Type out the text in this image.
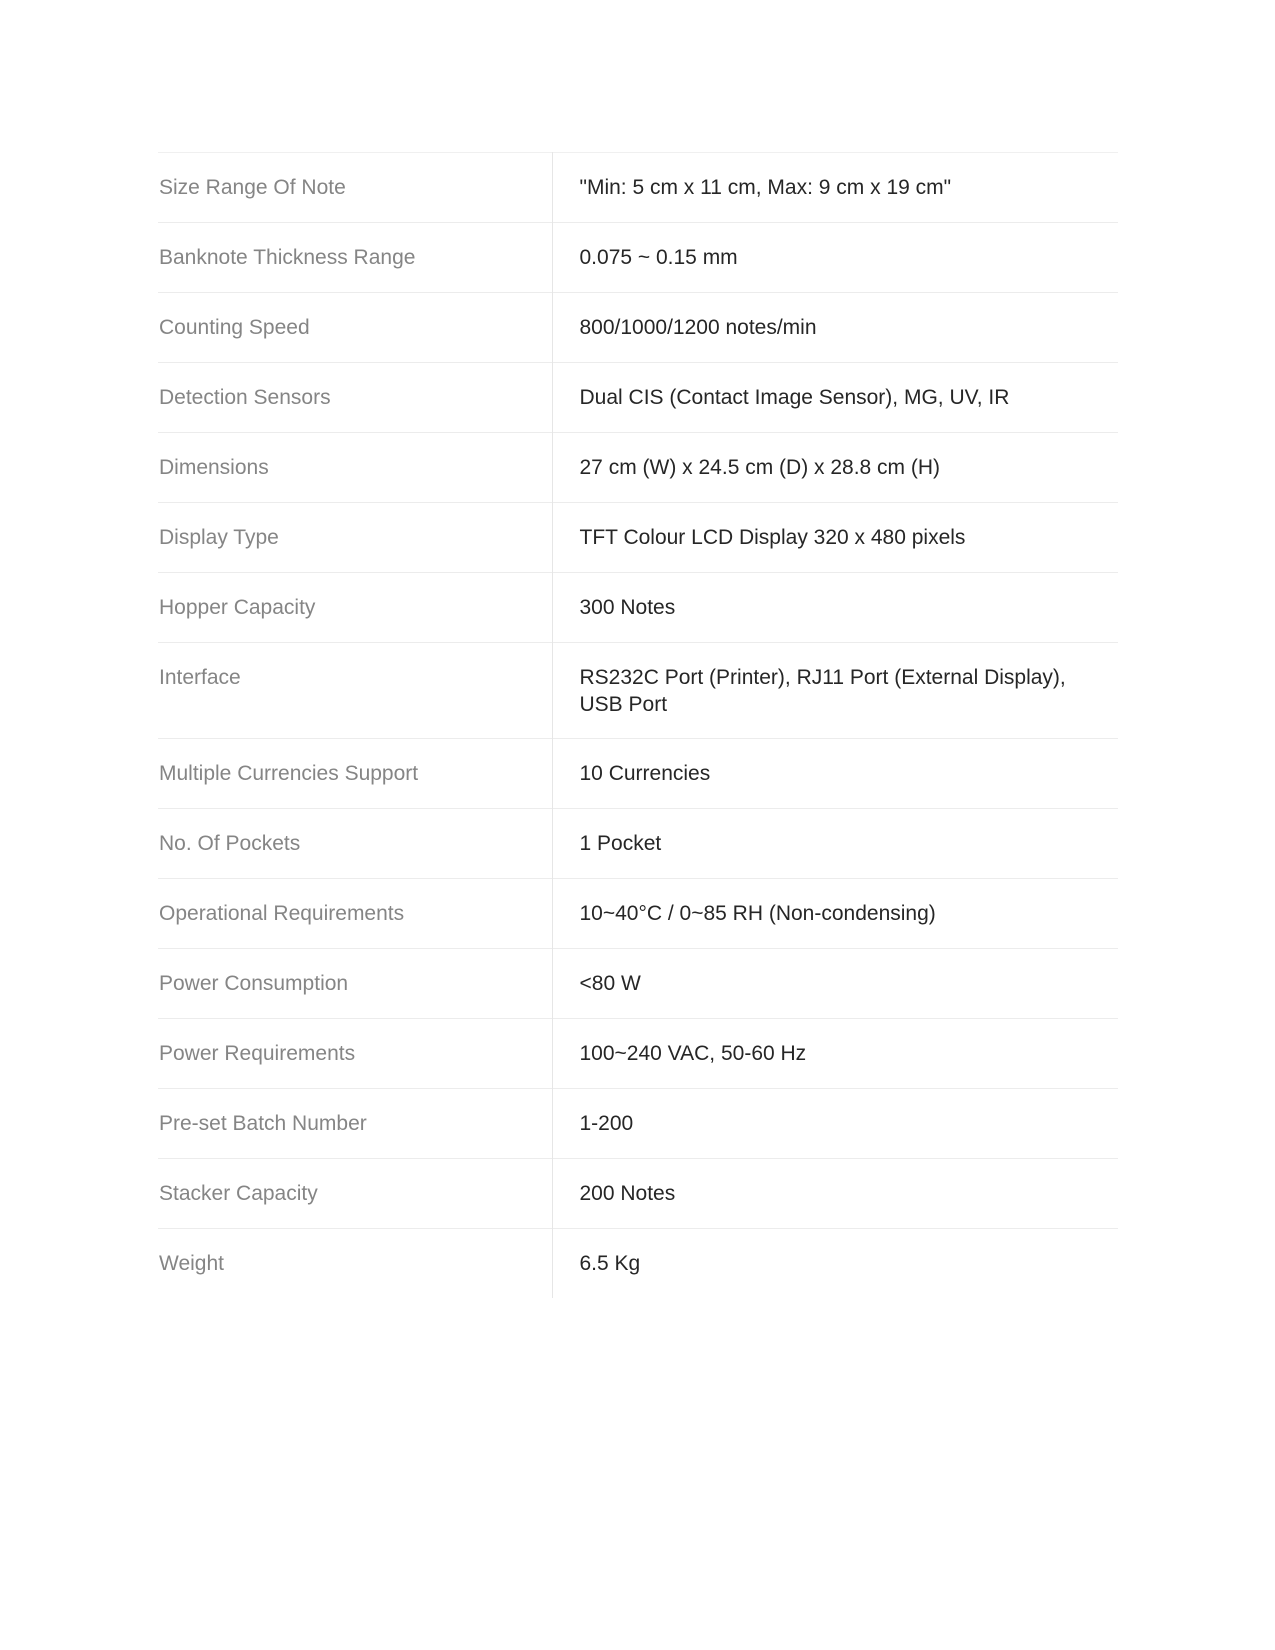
Size Range Of Note	"Min: 5 cm x 11 cm, Max: 9 cm x 19 cm"
Banknote Thickness Range	0.075 ~ 0.15 mm
Counting Speed	800/1000/1200 notes/min
Detection Sensors	Dual CIS (Contact Image Sensor), MG, UV, IR
Dimensions	27 cm (W) x 24.5 cm (D) x 28.8 cm (H)
Display Type	TFT Colour LCD Display 320 x 480 pixels
Hopper Capacity	300 Notes
Interface	RS232C Port (Printer), RJ11 Port (External Display), USB Port
Multiple Currencies Support	10 Currencies
No. Of Pockets	1 Pocket
Operational Requirements	10~40°C / 0~85 RH (Non-condensing)
Power Consumption	<80 W
Power Requirements	100~240 VAC, 50-60 Hz
Pre-set Batch Number	1-200
Stacker Capacity	200 Notes
Weight	6.5 Kg
